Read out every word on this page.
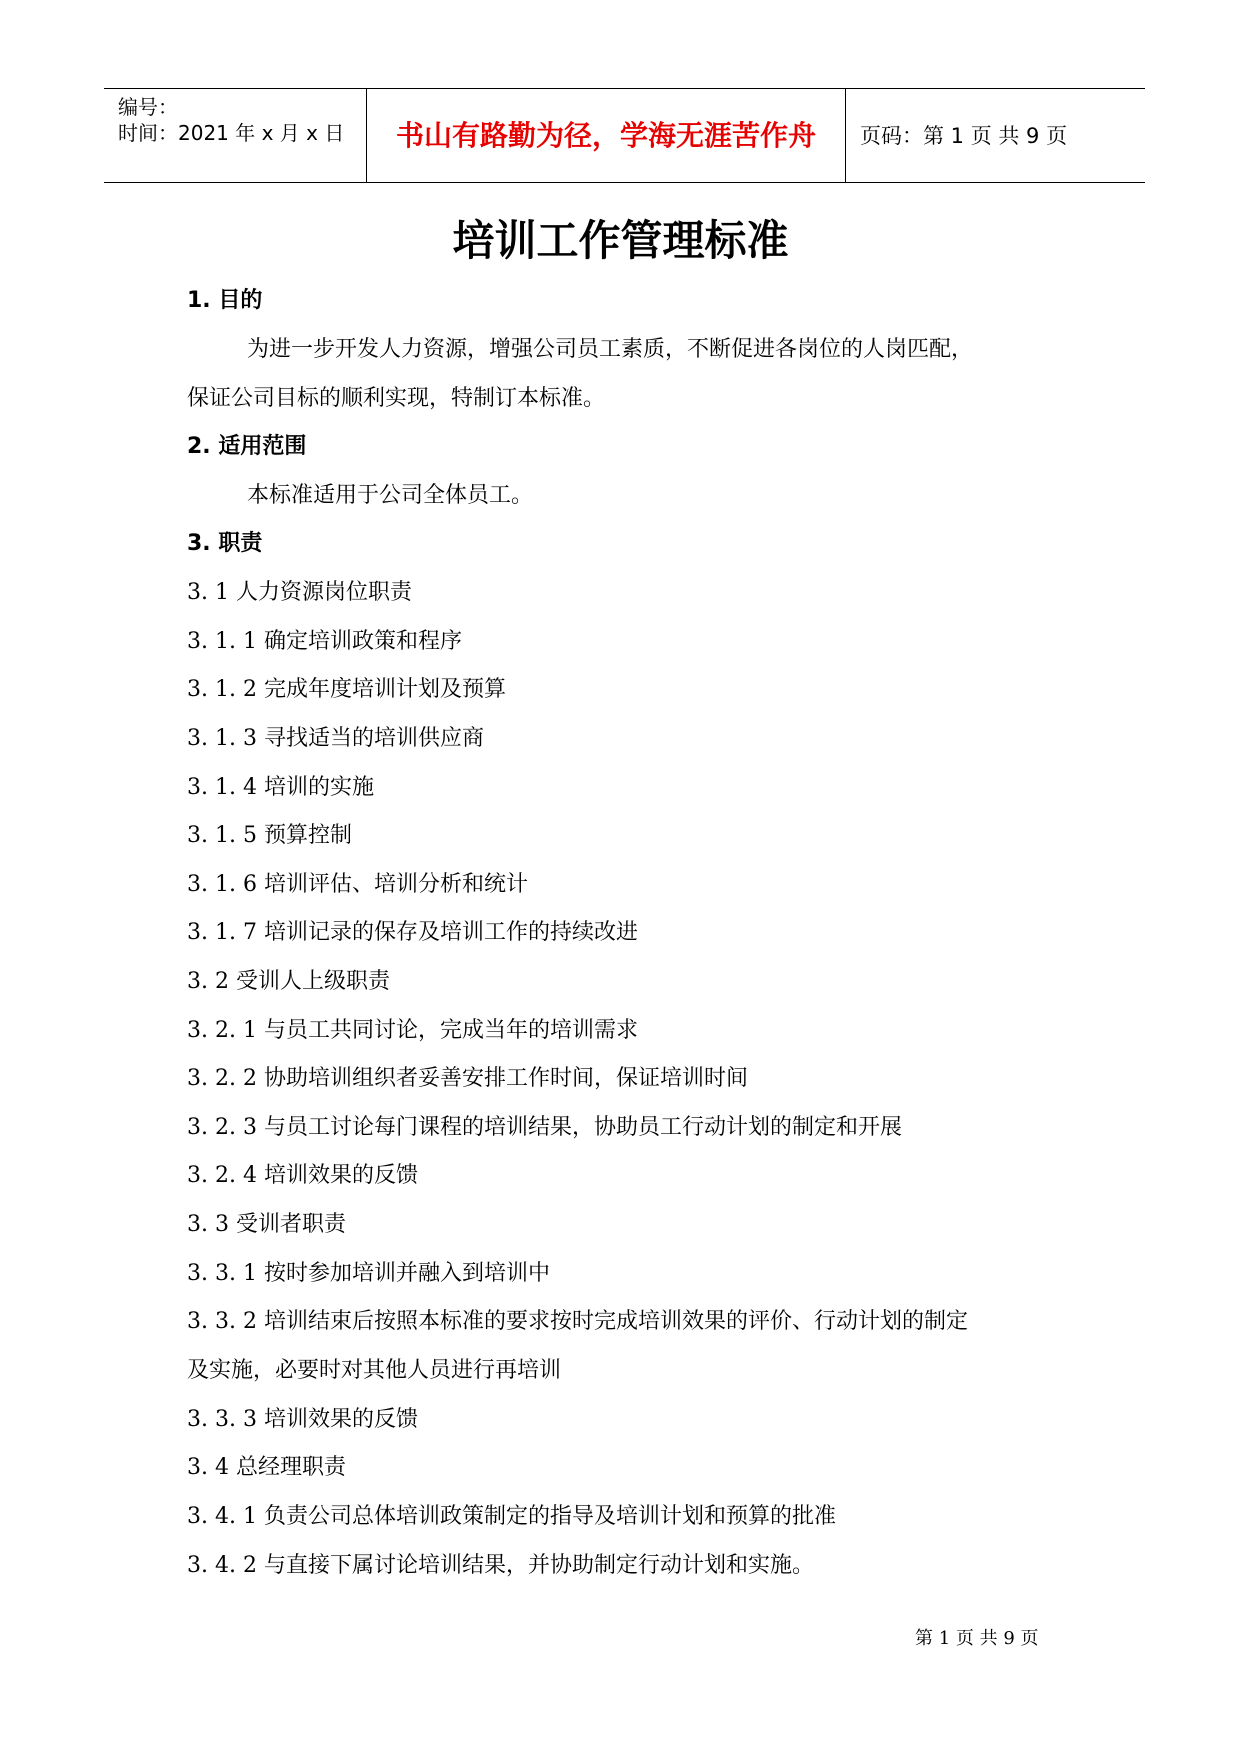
编号：
时间：2021 年 x 月 x 日	书山有路勤为径，学海无涯苦作舟	页码：第 1 页 共 9 页
培训工作管理标准
1. 目的
为进一步开发人力资源，增强公司员工素质，不断促进各岗位的人岗匹配，
保证公司目标的顺利实现，特制订本标准。
2. 适用范围
本标准适用于公司全体员工。
3. 职责
3. 1 人力资源岗位职责
3. 1. 1 确定培训政策和程序
3. 1. 2 完成年度培训计划及预算
3. 1. 3 寻找适当的培训供应商
3. 1. 4 培训的实施
3. 1. 5 预算控制
3. 1. 6 培训评估、培训分析和统计
3. 1. 7 培训记录的保存及培训工作的持续改进
3. 2 受训人上级职责
3. 2. 1 与员工共同讨论，完成当年的培训需求
3. 2. 2 协助培训组织者妥善安排工作时间，保证培训时间
3. 2. 3 与员工讨论每门课程的培训结果，协助员工行动计划的制定和开展
3. 2. 4 培训效果的反馈
3. 3 受训者职责
3. 3. 1 按时参加培训并融入到培训中
3. 3. 2 培训结束后按照本标准的要求按时完成培训效果的评价、行动计划的制定
及实施，必要时对其他人员进行再培训
3. 3. 3 培训效果的反馈
3. 4 总经理职责
3. 4. 1 负责公司总体培训政策制定的指导及培训计划和预算的批准
3. 4. 2 与直接下属讨论培训结果，并协助制定行动计划和实施。
第 1 页 共 9 页
